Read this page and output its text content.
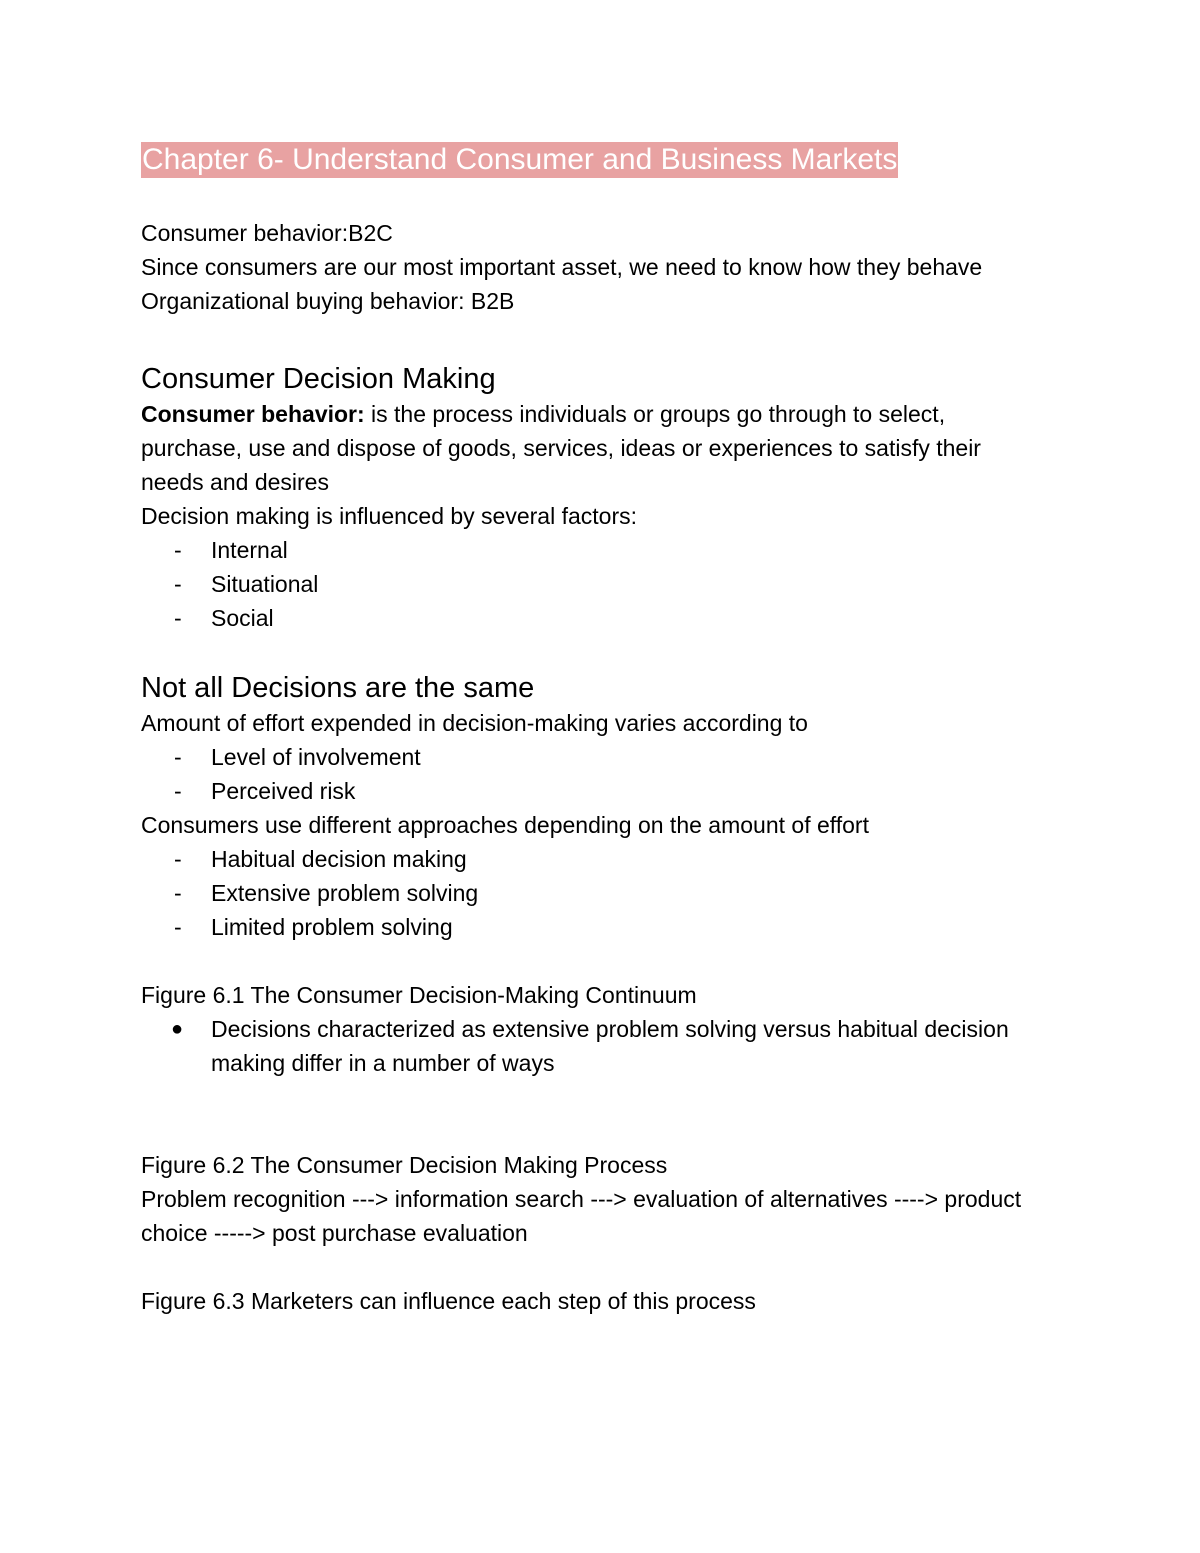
Chapter 6- Understand Consumer and Business Markets

Consumer behavior:B2C

Since consumers are our most important asset, we need to know how they behave

Organizational buying behavior: B2B

Consumer Decision Making

Consumer behavior: is the process individuals or groups go through to select, purchase, use and dispose of goods, services, ideas or experiences to satisfy their needs and desires

Decision making is influenced by several factors:

- Internal
- Situational
- Social
Not all Decisions are the same

Amount of effort expended in decision-making varies according to

- Level of involvement
- Perceived risk

Consumers use different approaches depending on the amount of effort

- Habitual decision making
- Extensive problem solving
- Limited problem solving

Figure 6.1 The Consumer Decision-Making Continuum

● Decisions characterized as extensive problem solving versus habitual decision making differ in a number of ways

Figure 6.2 The Consumer Decision Making Process

Problem recognition ---> information search ---> evaluation of alternatives ----> product choice -----> post purchase evaluation

Figure 6.3 Marketers can influence each step of this process
